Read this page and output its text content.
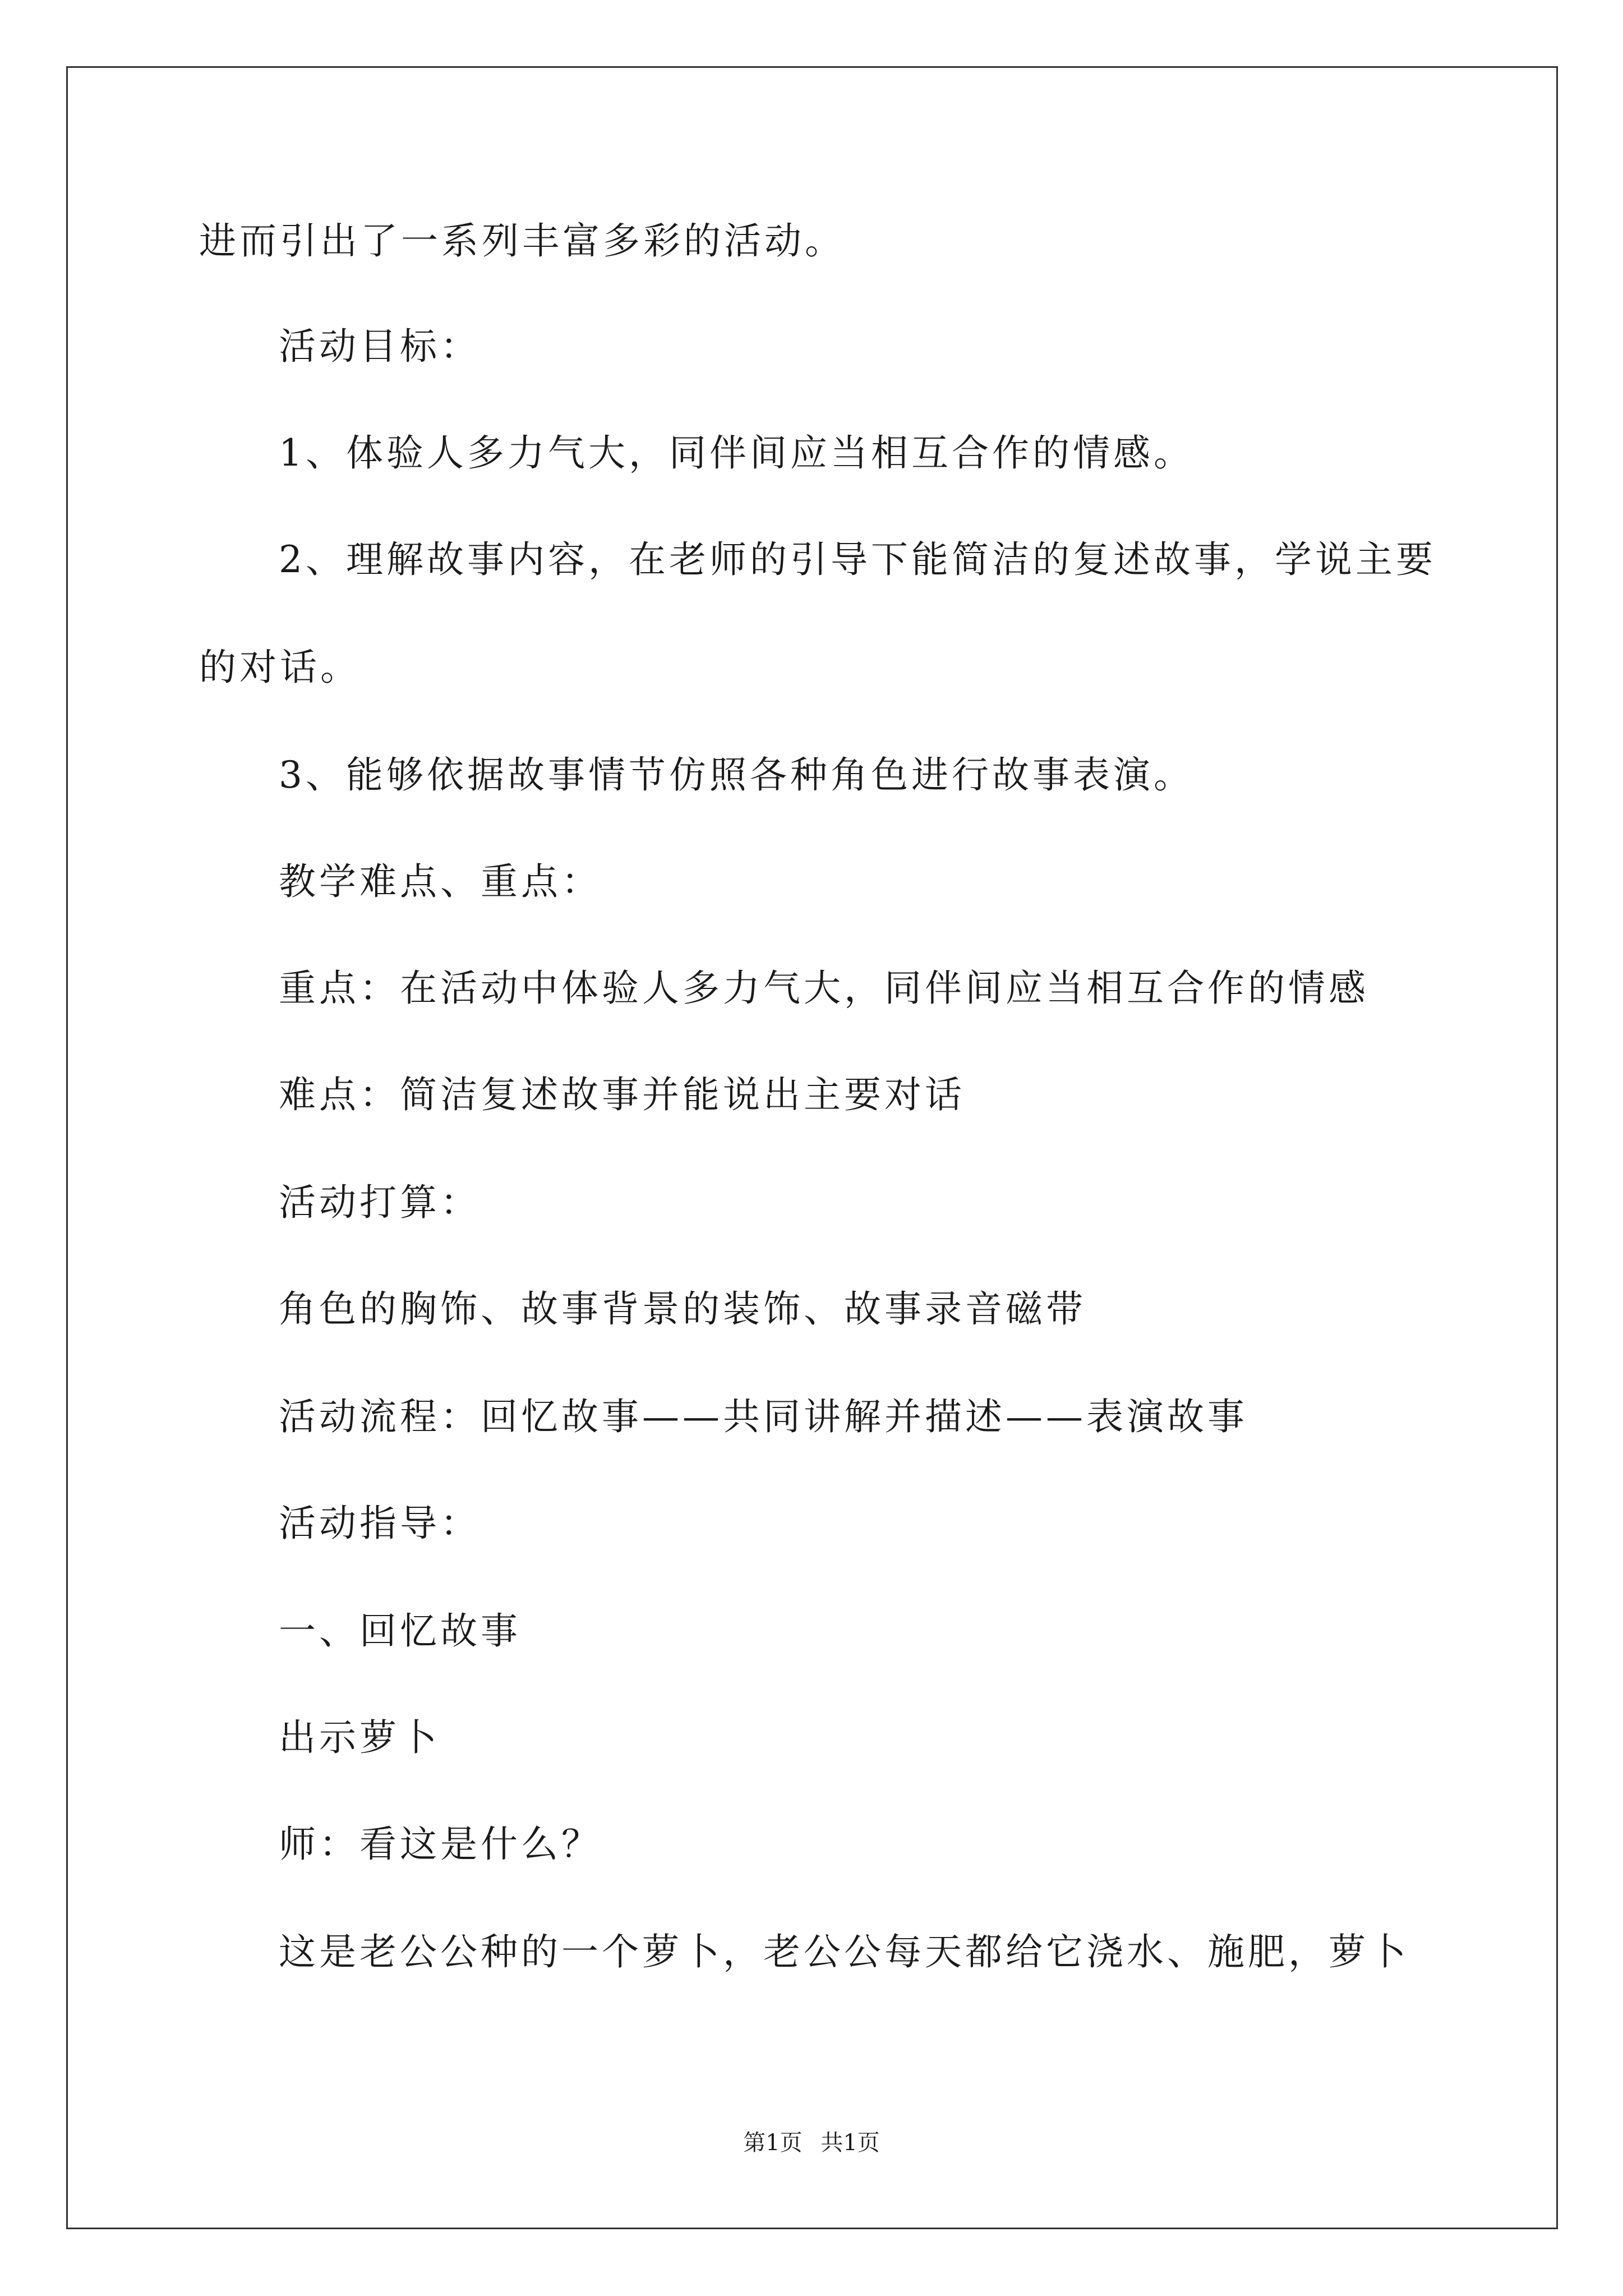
进而引出了一系列丰富多彩的活动。
活动目标：
1、体验人多力气大，同伴间应当相互合作的情感。
2、理解故事内容，在老师的引导下能简洁的复述故事，学说主要
的对话。
3、能够依据故事情节仿照各种角色进行故事表演。
教学难点、重点：
重点：在活动中体验人多力气大，同伴间应当相互合作的情感
难点：简洁复述故事并能说出主要对话
活动打算：
角色的胸饰、故事背景的装饰、故事录音磁带
活动流程：回忆故事——共同讲解并描述——表演故事
活动指导：
一、回忆故事
出示萝卜
师：看这是什么？
这是老公公种的一个萝卜，老公公每天都给它浇水、施肥，萝卜
第1页 共1页
